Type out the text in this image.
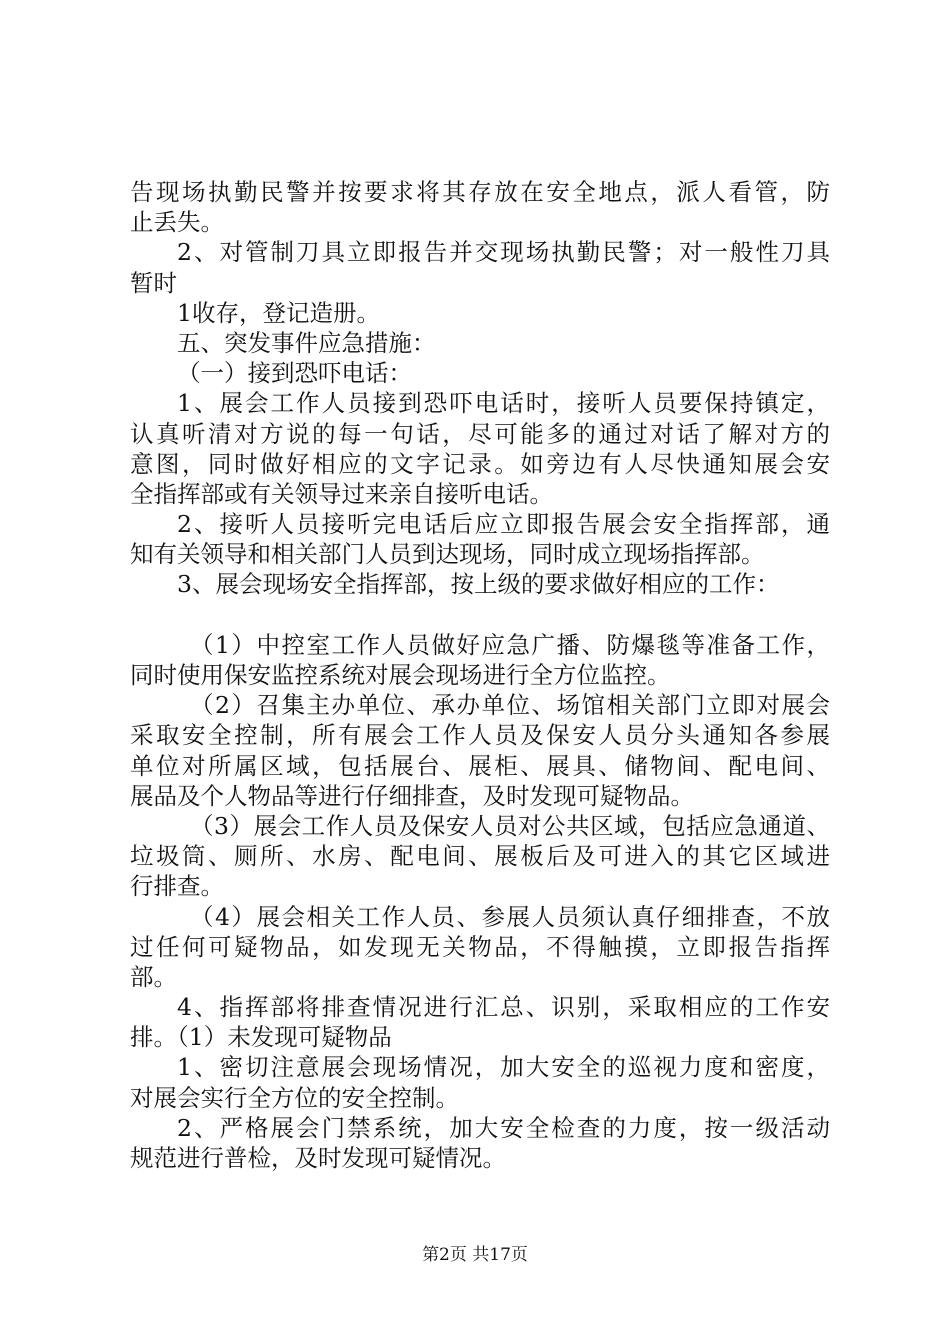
告现场执勤民警并按要求将其存放在安全地点，派人看管，防
止丢失。
2、对管制刀具立即报告并交现场执勤民警；对一般性刀具
暂时
1收存，登记造册。
五、突发事件应急措施：
（一）接到恐吓电话：
1、展会工作人员接到恐吓电话时，接听人员要保持镇定，
认真听清对方说的每一句话，尽可能多的通过对话了解对方的
意图，同时做好相应的文字记录。如旁边有人尽快通知展会安
全指挥部或有关领导过来亲自接听电话。
2、接听人员接听完电话后应立即报告展会安全指挥部，通
知有关领导和相关部门人员到达现场，同时成立现场指挥部。
3、展会现场安全指挥部，按上级的要求做好相应的工作：
（1）中控室工作人员做好应急广播、防爆毯等准备工作，
同时使用保安监控系统对展会现场进行全方位监控。
（2）召集主办单位、承办单位、场馆相关部门立即对展会
采取安全控制，所有展会工作人员及保安人员分头通知各参展
单位对所属区域，包括展台、展柜、展具、储物间、配电间、
展品及个人物品等进行仔细排查，及时发现可疑物品。
（3）展会工作人员及保安人员对公共区域，包括应急通道、
垃圾筒、厕所、水房、配电间、展板后及可进入的其它区域进
行排查。
（4）展会相关工作人员、参展人员须认真仔细排查，不放
过任何可疑物品，如发现无关物品，不得触摸，立即报告指挥
部。
4、指挥部将排查情况进行汇总、识别，采取相应的工作安
排。（1）未发现可疑物品
1、密切注意展会现场情况，加大安全的巡视力度和密度，
对展会实行全方位的安全控制。
2、严格展会门禁系统，加大安全检查的力度，按一级活动
规范进行普检，及时发现可疑情况。
第2页 共17页
